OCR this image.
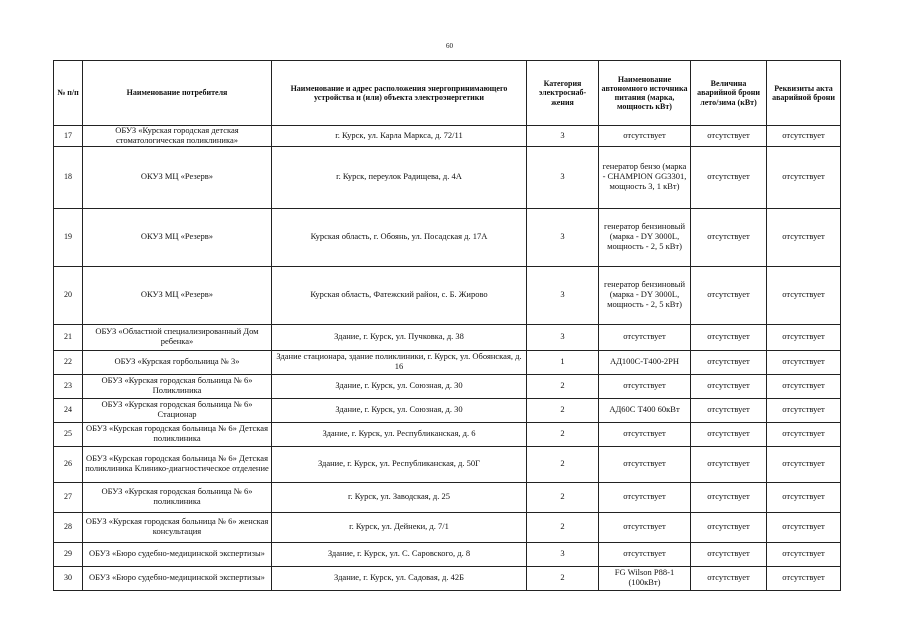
60
№ п/п	Наименование потребителя	Наименование и адрес расположения энергопринимающего устройства и (или) объекта электроэнергетики	Категория электроснаб-жения	Наименование автономного источника питания (марка, мощность кВт)	Величина аварийной брони лето/зима (кВт)	Реквизиты акта аварийной брони
17	ОБУЗ «Курская городская детская стоматологическая поликлиника»	г. Курск, ул. Карла Маркса, д. 72/11	3	отсутствует	отсутствует	отсутствует
18	ОКУЗ МЦ «Резерв»	г. Курск, переулок Радищева, д. 4А	3	генератор бензо (марка - CHAMPION GG3301, мощность 3, 1 кВт)	отсутствует	отсутствует
19	ОКУЗ МЦ «Резерв»	Курская область, г. Обоянь, ул. Посадская д. 17А	3	генератор бензиновый (марка - DY 3000L, мощность - 2, 5 кВт)	отсутствует	отсутствует
20	ОКУЗ МЦ «Резерв»	Курская область, Фатежский район, с. Б. Жирово	3	генератор бензиновый (марка - DY 3000L, мощность - 2, 5 кВт)	отсутствует	отсутствует
21	ОБУЗ «Областной специализированный Дом ребенка»	Здание, г. Курск, ул. Пучковка, д. 38	3	отсутствует	отсутствует	отсутствует
22	ОБУЗ «Курская горбольница № 3»	Здание стационара, здание поликлиники, г. Курск, ул. Обоянская, д. 16	1	АД100С-Т400-2РН	отсутствует	отсутствует
23	ОБУЗ «Курская городская больница № 6» Поликлиника	Здание, г. Курск, ул. Союзная, д. 30	2	отсутствует	отсутствует	отсутствует
24	ОБУЗ «Курская городская больница № 6» Стационар	Здание, г. Курск, ул. Союзная, д. 30	2	АД60С Т400 60кВт	отсутствует	отсутствует
25	ОБУЗ «Курская городская больница № 6» Детская поликлиника	Здание, г. Курск, ул. Республиканская, д. 6	2	отсутствует	отсутствует	отсутствует
26	ОБУЗ «Курская городская больница № 6» Детская поликлиника Клинико-диагностическое отделение	Здание, г. Курск, ул. Республиканская, д. 50Г	2	отсутствует	отсутствует	отсутствует
27	ОБУЗ «Курская городская больница № 6» поликлиника	г. Курск, ул. Заводская, д. 25	2	отсутствует	отсутствует	отсутствует
28	ОБУЗ «Курская городская больница № 6» женская консультация	г. Курск, ул. Дейнеки, д. 7/1	2	отсутствует	отсутствует	отсутствует
29	ОБУЗ «Бюро судебно-медицинской экспертизы»	Здание, г. Курск, ул. С. Саровского, д. 8	3	отсутствует	отсутствует	отсутствует
30	ОБУЗ «Бюро судебно-медицинской экспертизы»	Здание, г. Курск, ул. Садовая, д. 42Б	2	FG Wilson P88-1 (100кВт)	отсутствует	отсутствует
